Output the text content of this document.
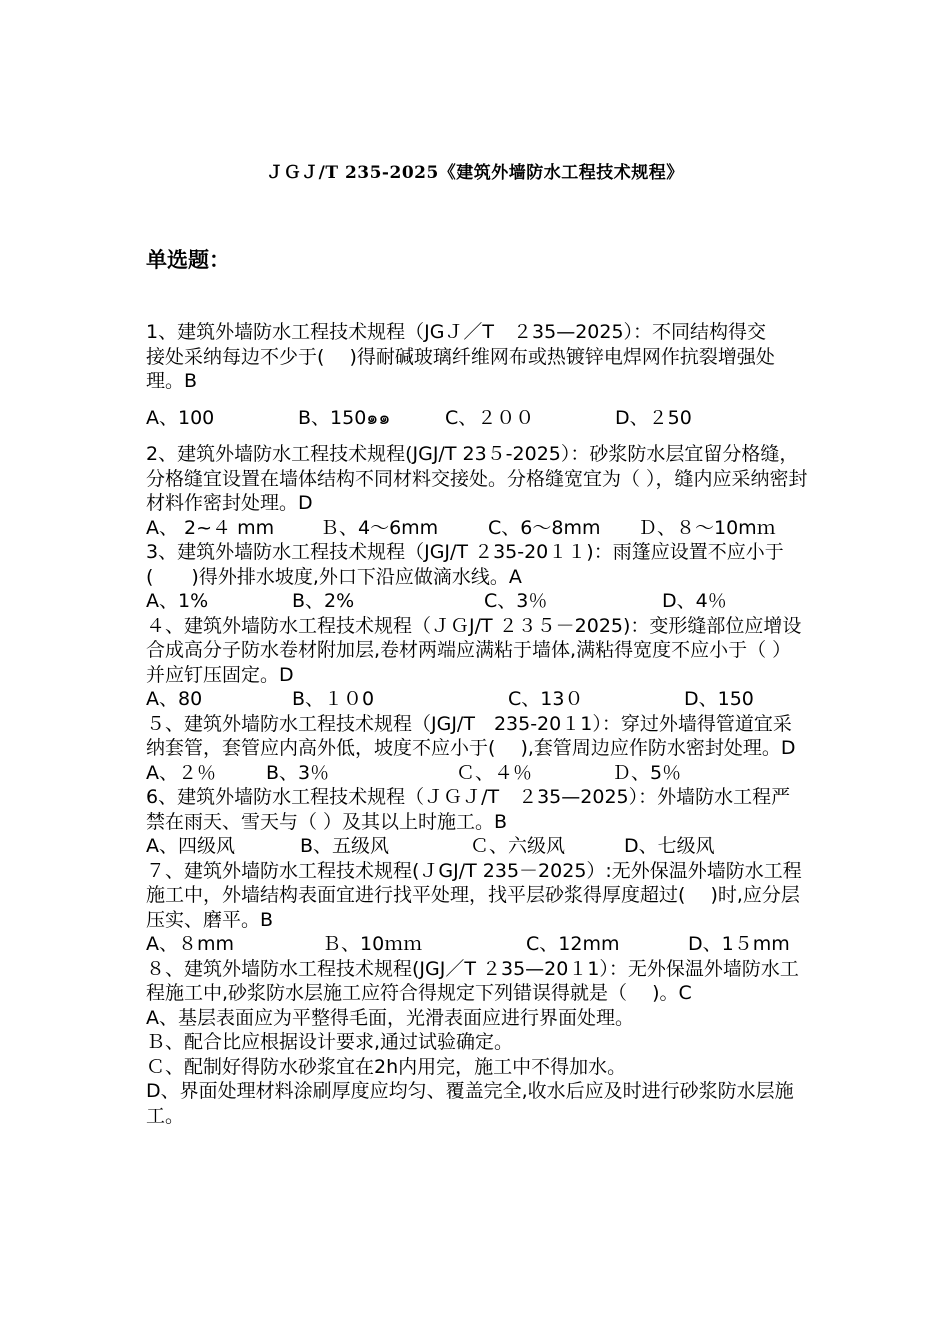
ＪＧＪ/T 235-2025《建筑外墙防水工程技术规程》
单选题：

1、建筑外墙防水工程技术规程（JGＪ／T　２35—2025）：不同结构得交
接处采纳每边不少于(　 )得耐碱玻璃纤维网布或热镀锌电焊网作抗裂增强处理。B

A、100	B、150๑๑	C、２００	D、２50

2、建筑外墙防水工程技术规程(JGJ/T 23５-2025）：砂浆防水层宜留分格缝，分格缝宜设置在墙体结构不同材料交接处。分格缝宽宜为（ ），缝内应采纳密封材料作密封处理。D

A、 2~４ mm	Ｂ、4～6mm	C、6～8mm	Ｄ、８～10mｍ

3、建筑外墙防水工程技术规程（JGJ/T ２35-20１１)：雨篷应设置不应小于(　　)得外排水坡度,外口下沿应做滴水线。A

A、1%	B、2%	C、3％	D、4％

４、建筑外墙防水工程技术规程（ＪＧJ/T ２３５－2025)：变形缝部位应增设合成高分子防水卷材附加层,卷材两端应满粘于墙体,满粘得宽度不应小于（ ）并应钉压固定。D

A、80	B、１０0	C、13０	D、150

５、建筑外墙防水工程技术规程（JGJ/T　235-20１1）：穿过外墙得管道宜采纳套管，套管应内高外低，坡度不应小于(　 ),套管周边应作防水密封处理。D

A、２％	B、3％	Ｃ、４％	Ｄ、5％

6、建筑外墙防水工程技术规程（ＪＧＪ/T　２35—2025）：外墙防水工程严禁在雨天、雪天与（ ）及其以上时施工。B

A、四级风	B、五级风	Ｃ、六级风	D、七级风

７、建筑外墙防水工程技术规程(ＪGJ/T 235－2025）:无外保温外墙防水工程施工中，外墙结构表面宜进行找平处理，找平层砂浆得厚度超过(　 )时,应分层压实、磨平。B

A、８mm	Ｂ、10ｍｍ	C、12mm	D、1５mm

８、建筑外墙防水工程技术规程(JGJ／T ２35—20１1）：无外保温外墙防水工程施工中,砂浆防水层施工应符合得规定下列错误得就是（　 )。C

A、基层表面应为平整得毛面，光滑表面应进行界面处理。

Ｂ、配合比应根据设计要求,通过试验确定。

Ｃ、配制好得防水砂浆宜在2h内用完，施工中不得加水。

D、界面处理材料涂刷厚度应均匀、覆盖完全,收水后应及时进行砂浆防水层施工。
